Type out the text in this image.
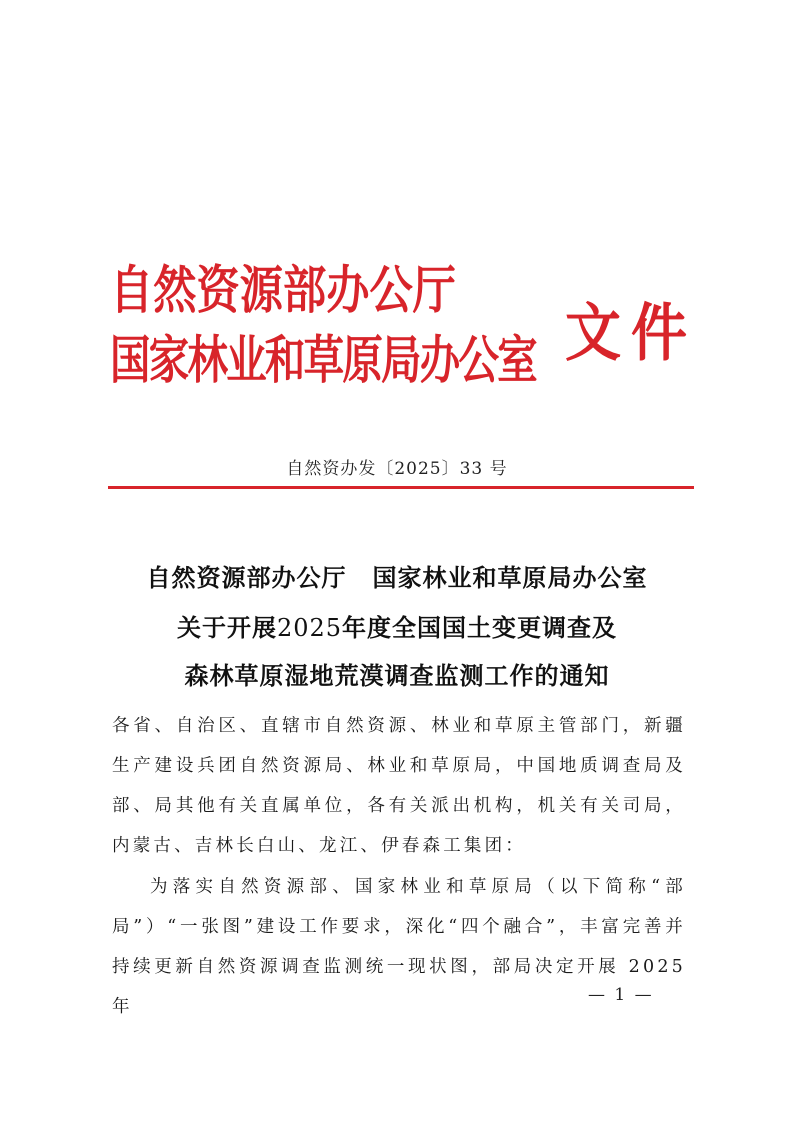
自然资源部办公厅
国家林业和草原局办公室 文件
自然资办发〔2025〕33 号
自然资源部办公厅 国家林业和草原局办公室
关于开展2025年度全国国土变更调查及
森林草原湿地荒漠调查监测工作的通知
各省、自治区、直辖市自然资源、林业和草原主管部门，新疆生产建设兵团自然资源局、林业和草原局，中国地质调查局及部、局其他有关直属单位，各有关派出机构，机关有关司局，内蒙古、吉林长白山、龙江、伊春森工集团：
为落实自然资源部、国家林业和草原局（以下简称“部局”）“一张图”建设工作要求，深化“四个融合”，丰富完善并持续更新自然资源调查监测统一现状图，部局决定开展 2025 年
— 1 —
